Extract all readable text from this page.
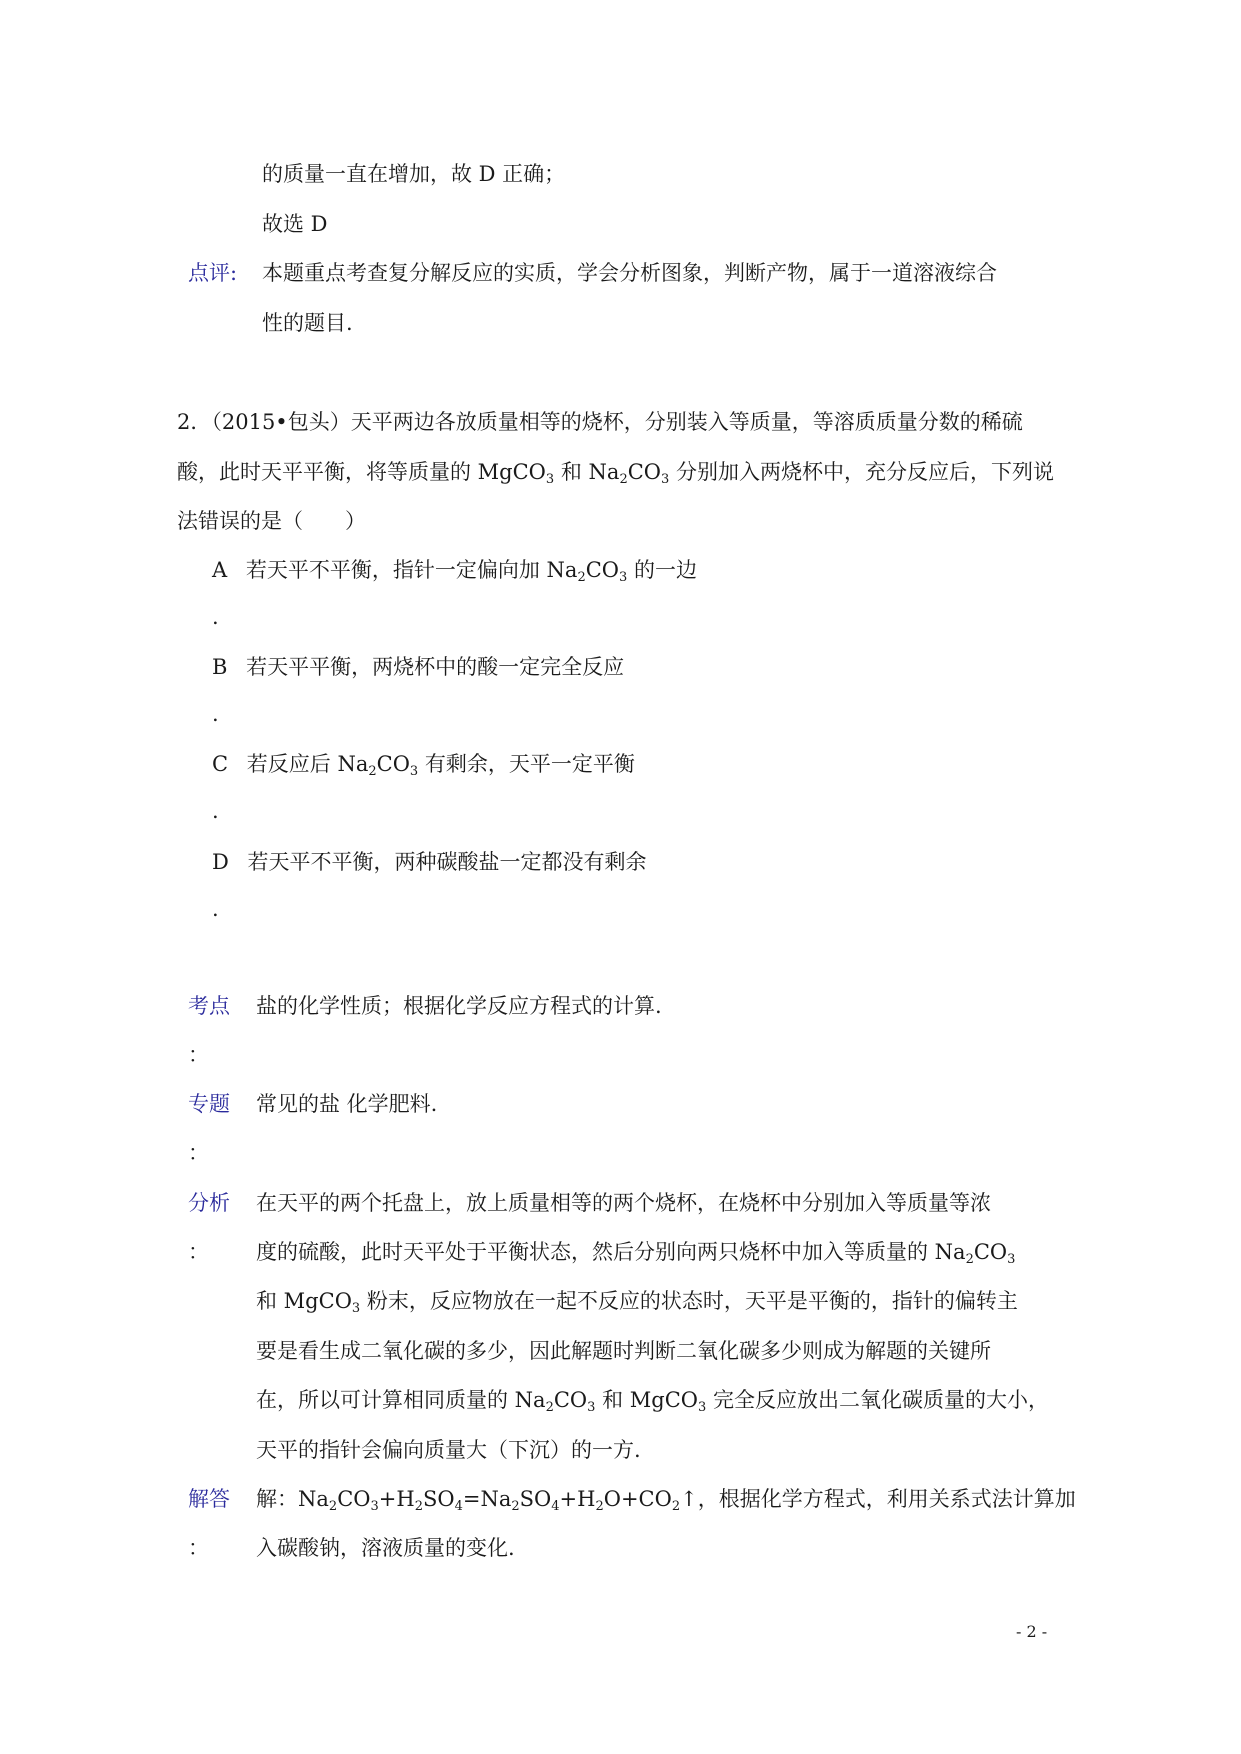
的质量一直在增加，故 D 正确；
故选 D
点评: 本题重点考查复分解反应的实质，学会分析图象，判断产物，属于一道溶液综合
性的题目.
2．（2015•包头）天平两边各放质量相等的烧杯，分别装入等质量，等溶质质量分数的稀硫
酸，此时天平平衡，将等质量的 MgCO$_3$ 和 $Na_2CO_3$ 分别加入两烧杯中，充分反应后，下列说
法错误的是（　　）
A 若天平不平衡，指针一定偏向加 $Na_2CO_3$ 的一边
.
B 若天平平衡，两烧杯中的酸一定完全反应
.
C 若反应后 $Na_2CO_3$ 有剩余，天平一定平衡
.
D 若天平不平衡，两种碳酸盐一定都没有剩余
.
考点 盐的化学性质；根据化学反应方程式的计算.
：
专题 常见的盐 化学肥料.
：
分析 在天平的两个托盘上，放上质量相等的两个烧杯，在烧杯中分别加入等质量等浓
： 度的硫酸，此时天平处于平衡状态，然后分别向两只烧杯中加入等质量的 $Na_2CO_3$
和 MgCO$_3$ 粉末，反应物放在一起不反应的状态时，天平是平衡的，指针的偏转主
要是看生成二氧化碳的多少，因此解题时判断二氧化碳多少则成为解题的关键所
在，所以可计算相同质量的 $Na_2CO_3$ 和 MgCO$_3$ 完全反应放出二氧化碳质量的大小，
天平的指针会偏向质量大（下沉）的一方.
解答 解：$Na_2CO_3+H_2SO_4=Na_2SO_4+H_2O+CO_2↑$，根据化学方程式，利用关系式法计算加
： 入碳酸钠，溶液质量的变化.
- 2 -
